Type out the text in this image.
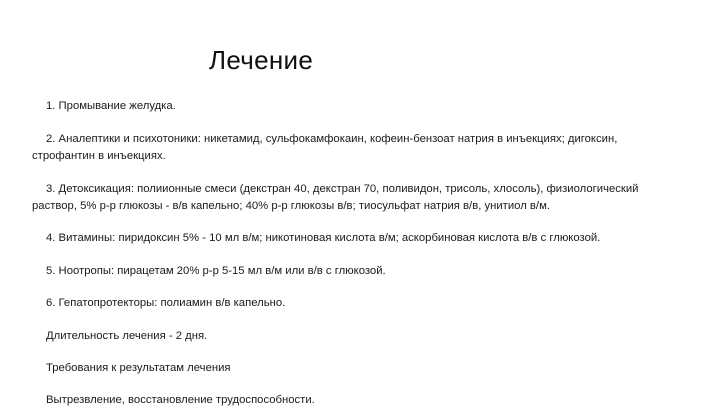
Лечение

1. Промывание желудка.

2. Аналептики и психотоники: никетамид, сульфокамфокаин, кофеин-бензоат натрия в инъекциях; дигоксин, строфантин в инъекциях.

3. Детоксикация: полиионные смеси (декстран 40, декстран 70, поливидон, трисоль, хлосоль), физиологический раствор, 5% р-р глюкозы - в/в капельно; 40% р-р глюкозы в/в; тиосульфат натрия в/в, унитиол в/м.

4. Витамины: пиридоксин 5% - 10 мл в/м; никотиновая кислота в/м; аскорбиновая кислота в/в с глюкозой.

5. Ноотропы: пирацетам 20% р-р 5-15 мл в/м или в/в с глюкозой.

6. Гепатопротекторы: полиамин в/в капельно.

Длительность лечения - 2 дня.

Требования к результатам лечения

Вытрезвление, восстановление трудоспособности.
